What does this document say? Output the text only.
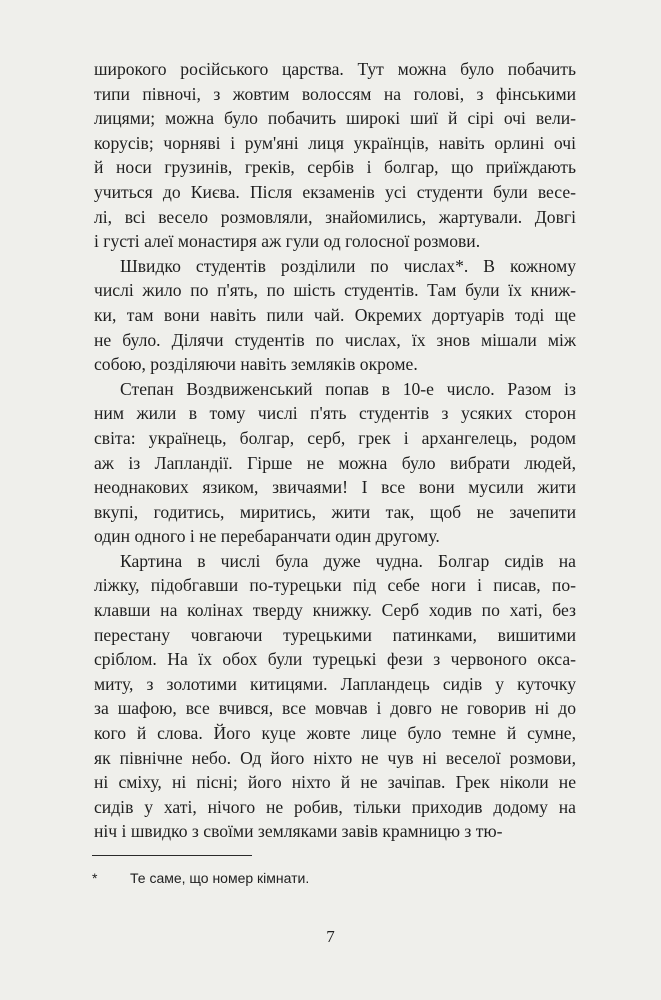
широкого російського царства. Тут можна було побачить
типи півночі, з жовтим волоссям на голові, з фінськими
лицями; можна було побачить широкі шиї й сірі очі вели-
корусів; чорняві і рум'яні лиця українців, навіть орлині очі
й носи грузинів, греків, сербів і болгар, що приїждають
учиться до Києва. Після екзаменів усі студенти були весе-
лі, всі весело розмовляли, знайомились, жартували. Довгі
і густі алеї монастиря аж гули од голосної розмови.
Швидко студентів розділили по числах*. В кожному
числі жило по п'ять, по шість студентів. Там були їх книж-
ки, там вони навіть пили чай. Окремих дортуарів тоді ще
не було. Ділячи студентів по числах, їх знов мішали між
собою, розділяючи навіть земляків окроме.
Степан Воздвиженський попав в 10-е число. Разом із
ним жили в тому числі п'ять студентів з усяких сторон
світа: українець, болгар, серб, грек і архангелець, родом
аж із Лапландії. Гірше не можна було вибрати людей,
неоднакових язиком, звичаями! І все вони мусили жити
вкупі, годитись, миритись, жити так, щоб не зачепити
один одного і не перебаранчати один другому.
Картина в числі була дуже чудна. Болгар сидів на
ліжку, підобгавши по-турецьки під себе ноги і писав, по-
клавши на колінах тверду книжку. Серб ходив по хаті, без
перестану човгаючи турецькими патинками, вишитими
сріблом. На їх обох були турецькі фези з червоного окса-
миту, з золотими китицями. Лапландець сидів у куточку
за шафою, все вчився, все мовчав і довго не говорив ні до
кого й слова. Його куце жовте лице було темне й сумне,
як північне небо. Од його ніхто не чув ні веселої розмови,
ні сміху, ні пісні; його ніхто й не зачіпав. Грек ніколи не
сидів у хаті, нічого не робив, тільки приходив додому на
ніч і швидко з своїми земляками завів крамницю з тю-
* Те саме, що номер кімнати.
7
